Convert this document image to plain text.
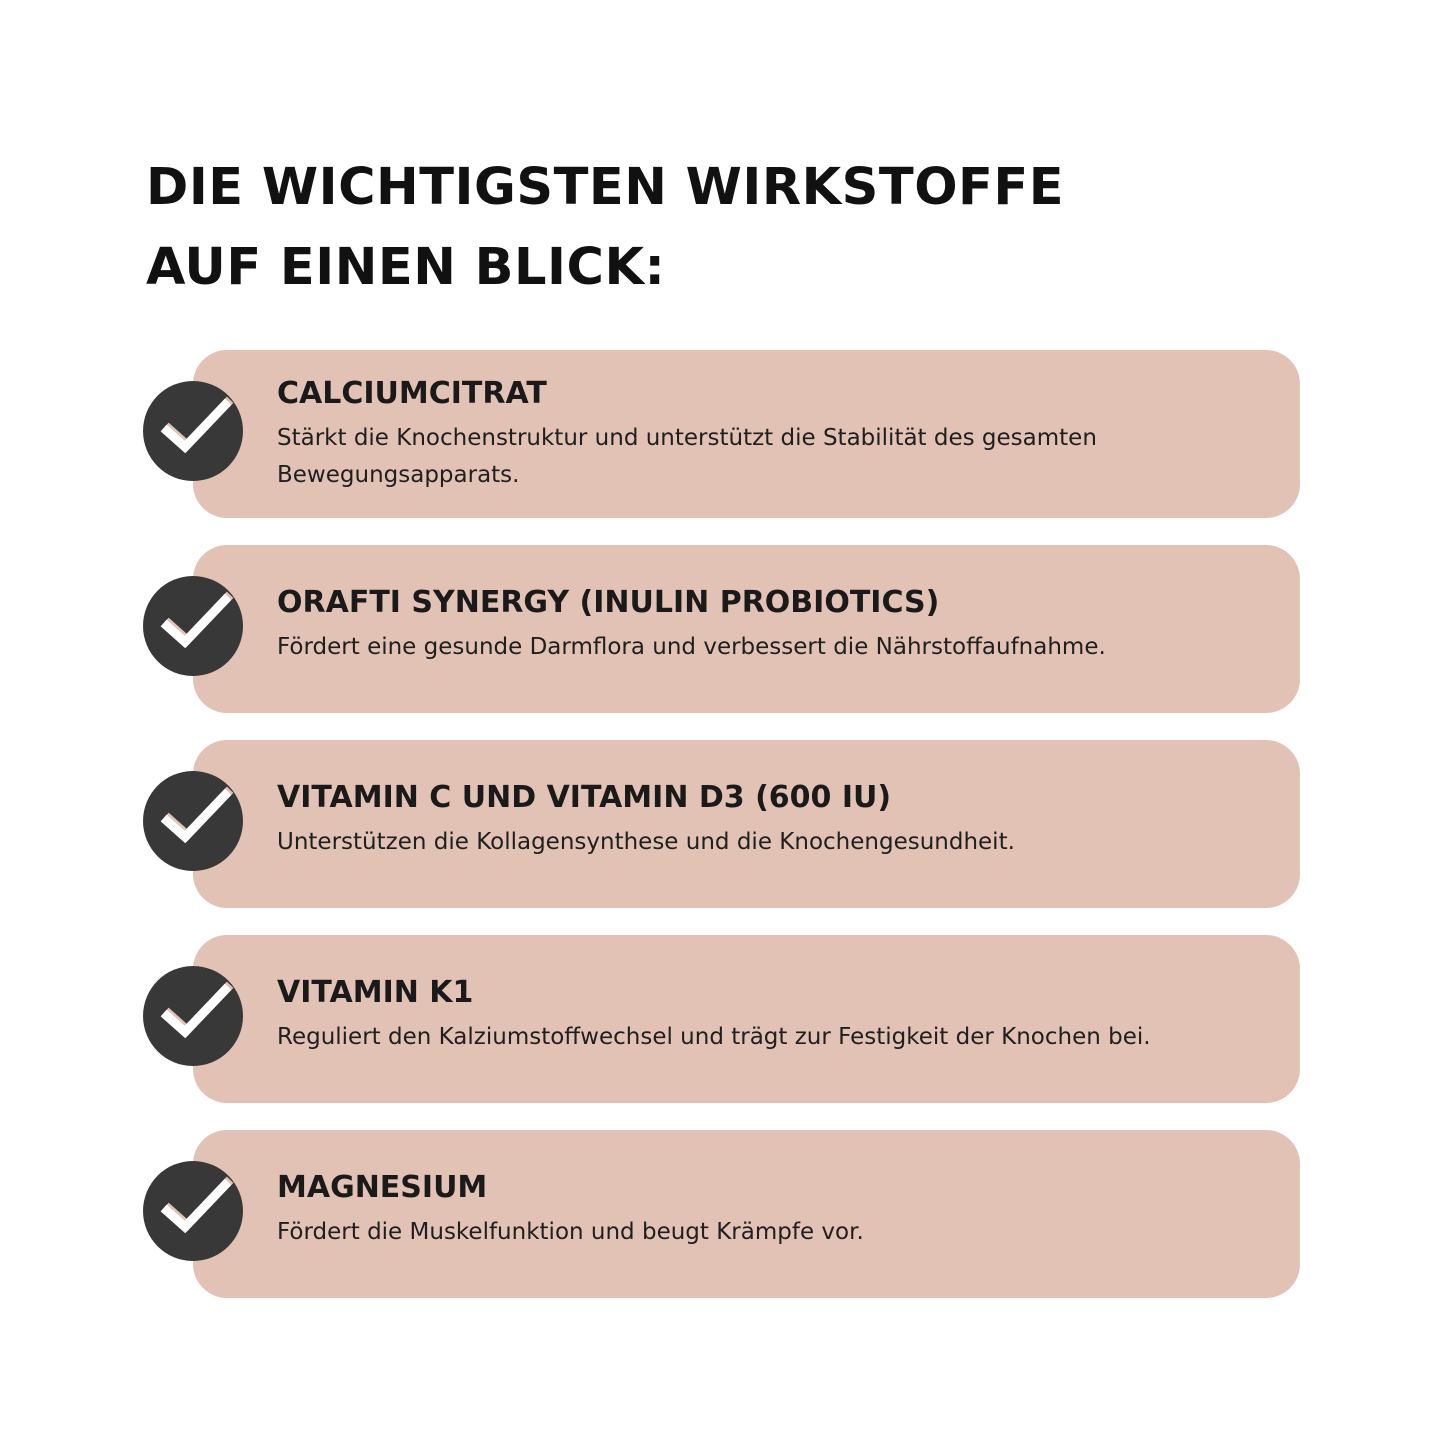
DIE WICHTIGSTEN WIRKSTOFFE
AUF EINEN BLICK:
CALCIUMCITRAT

Stärkt die Knochenstruktur und unterstützt die Stabilität des gesamten Bewegungsapparats.

ORAFTI SYNERGY (INULIN PROBIOTICS)

Fördert eine gesunde Darmflora und verbessert die Nährstoffaufnahme.

VITAMIN C UND VITAMIN D3 (600 IU)

Unterstützen die Kollagensynthese und die Knochengesundheit.

VITAMIN K1

Reguliert den Kalziumstoffwechsel und trägt zur Festigkeit der Knochen bei.

MAGNESIUM

Fördert die Muskelfunktion und beugt Krämpfe vor.
